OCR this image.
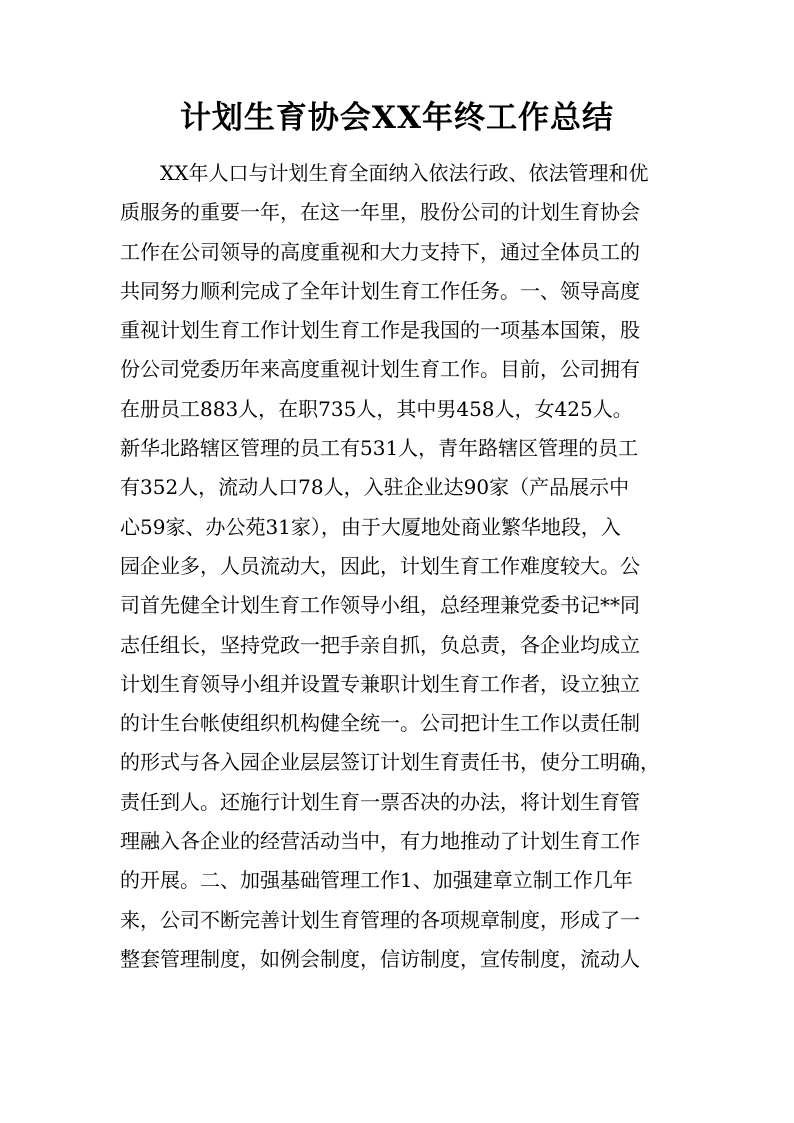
计划生育协会XX年终工作总结
XX年人口与计划生育全面纳入依法行政、依法管理和优
质服务的重要一年，在这一年里，股份公司的计划生育协会
工作在公司领导的高度重视和大力支持下，通过全体员工的
共同努力顺利完成了全年计划生育工作任务。一、领导高度
重视计划生育工作计划生育工作是我国的一项基本国策，股
份公司党委历年来高度重视计划生育工作。目前，公司拥有
在册员工883人，在职735人，其中男458人，女425人。
新华北路辖区管理的员工有531人，青年路辖区管理的员工
有352人，流动人口78人，入驻企业达90家（产品展示中
心59家、办公苑31家），由于大厦地处商业繁华地段，入
园企业多，人员流动大，因此，计划生育工作难度较大。公
司首先健全计划生育工作领导小组，总经理兼党委书记**同
志任组长，坚持党政一把手亲自抓，负总责，各企业均成立
计划生育领导小组并设置专兼职计划生育工作者，设立独立
的计生台帐使组织机构健全统一。公司把计生工作以责任制
的形式与各入园企业层层签订计划生育责任书，使分工明确，
责任到人。还施行计划生育一票否决的办法，将计划生育管
理融入各企业的经营活动当中，有力地推动了计划生育工作
的开展。二、加强基础管理工作1、加强建章立制工作几年
来，公司不断完善计划生育管理的各项规章制度，形成了一
整套管理制度，如例会制度，信访制度，宣传制度，流动人
